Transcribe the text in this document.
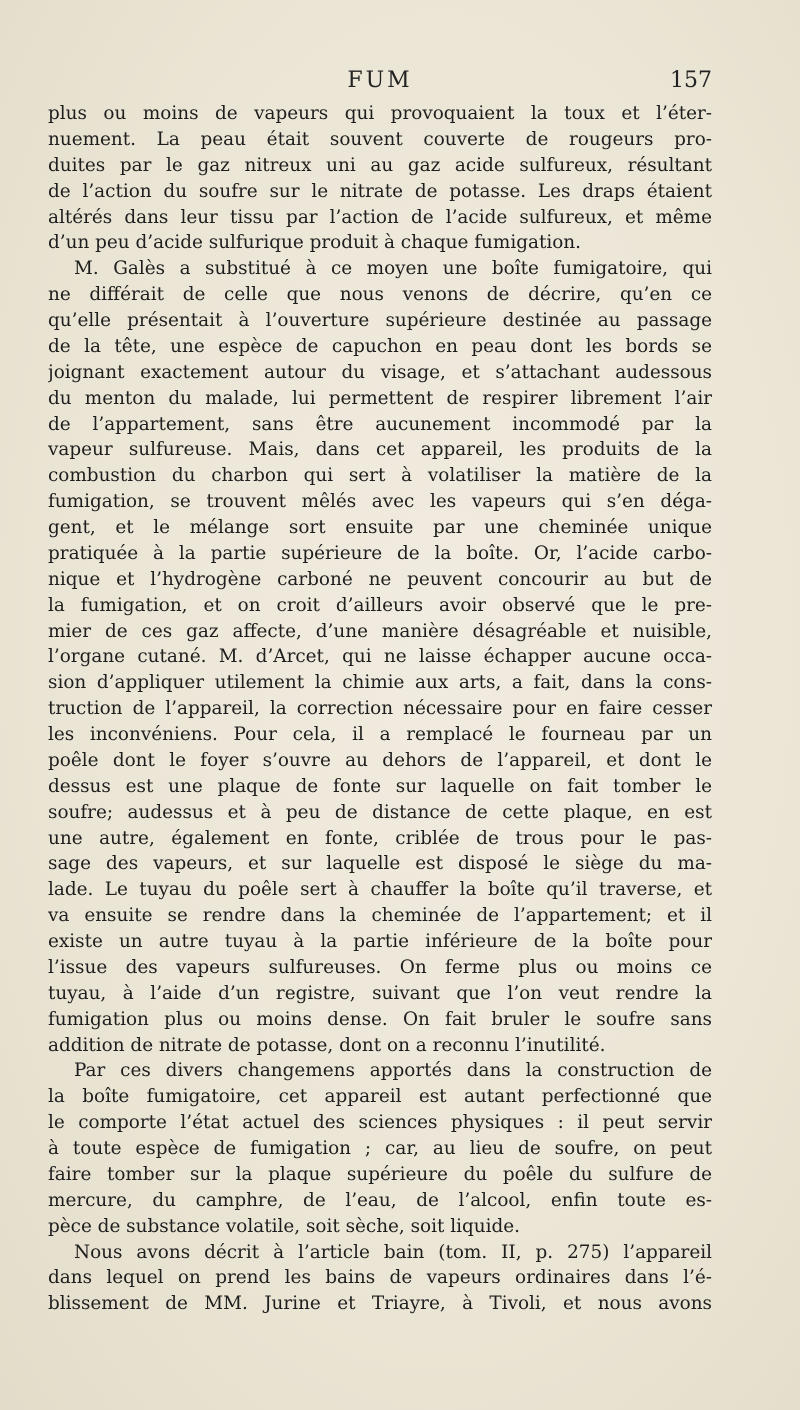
FUM	157
plus ou moins de vapeurs qui provoquaient la toux et l’éter-
nuement. La peau était souvent couverte de rougeurs pro-
duites par le gaz nitreux uni au gaz acide sulfureux, résultant
de l’action du soufre sur le nitrate de potasse. Les draps étaient
altérés dans leur tissu par l’action de l’acide sulfureux, et même
d’un peu d’acide sulfurique produit à chaque fumigation.
M. Galès a substitué à ce moyen une boîte fumigatoire, qui
ne différait de celle que nous venons de décrire, qu’en ce
qu’elle présentait à l’ouverture supérieure destinée au passage
de la tête, une espèce de capuchon en peau dont les bords se
joignant exactement autour du visage, et s’attachant audessous
du menton du malade, lui permettent de respirer librement l’air
de l’appartement, sans être aucunement incommodé par la
vapeur sulfureuse. Mais, dans cet appareil, les produits de la
combustion du charbon qui sert à volatiliser la matière de la
fumigation, se trouvent mêlés avec les vapeurs qui s’en déga-
gent, et le mélange sort ensuite par une cheminée unique
pratiquée à la partie supérieure de la boîte. Or, l’acide carbo-
nique et l’hydrogène carboné ne peuvent concourir au but de
la fumigation, et on croit d’ailleurs avoir observé que le pre-
mier de ces gaz affecte, d’une manière désagréable et nuisible,
l’organe cutané. M. d’Arcet, qui ne laisse échapper aucune occa-
sion d’appliquer utilement la chimie aux arts, a fait, dans la cons-
truction de l’appareil, la correction nécessaire pour en faire cesser
les inconvéniens. Pour cela, il a remplacé le fourneau par un
poêle dont le foyer s’ouvre au dehors de l’appareil, et dont le
dessus est une plaque de fonte sur laquelle on fait tomber le
soufre; audessus et à peu de distance de cette plaque, en est
une autre, également en fonte, criblée de trous pour le pas-
sage des vapeurs, et sur laquelle est disposé le siège du ma-
lade. Le tuyau du poêle sert à chauffer la boîte qu’il traverse, et
va ensuite se rendre dans la cheminée de l’appartement; et il
existe un autre tuyau à la partie inférieure de la boîte pour
l’issue des vapeurs sulfureuses. On ferme plus ou moins ce
tuyau, à l’aide d’un registre, suivant que l’on veut rendre la
fumigation plus ou moins dense. On fait bruler le soufre sans
addition de nitrate de potasse, dont on a reconnu l’inutilité.
Par ces divers changemens apportés dans la construction de
la boîte fumigatoire, cet appareil est autant perfectionné que
le comporte l’état actuel des sciences physiques : il peut servir
à toute espèce de fumigation ; car, au lieu de soufre, on peut
faire tomber sur la plaque supérieure du poêle du sulfure de
mercure, du camphre, de l’eau, de l’alcool, enfin toute es-
pèce de substance volatile, soit sèche, soit liquide.
Nous avons décrit à l’article bain (tom. II, p. 275) l’appareil
dans lequel on prend les bains de vapeurs ordinaires dans l’é-
blissement de MM. Jurine et Triayre, à Tivoli, et nous avons
